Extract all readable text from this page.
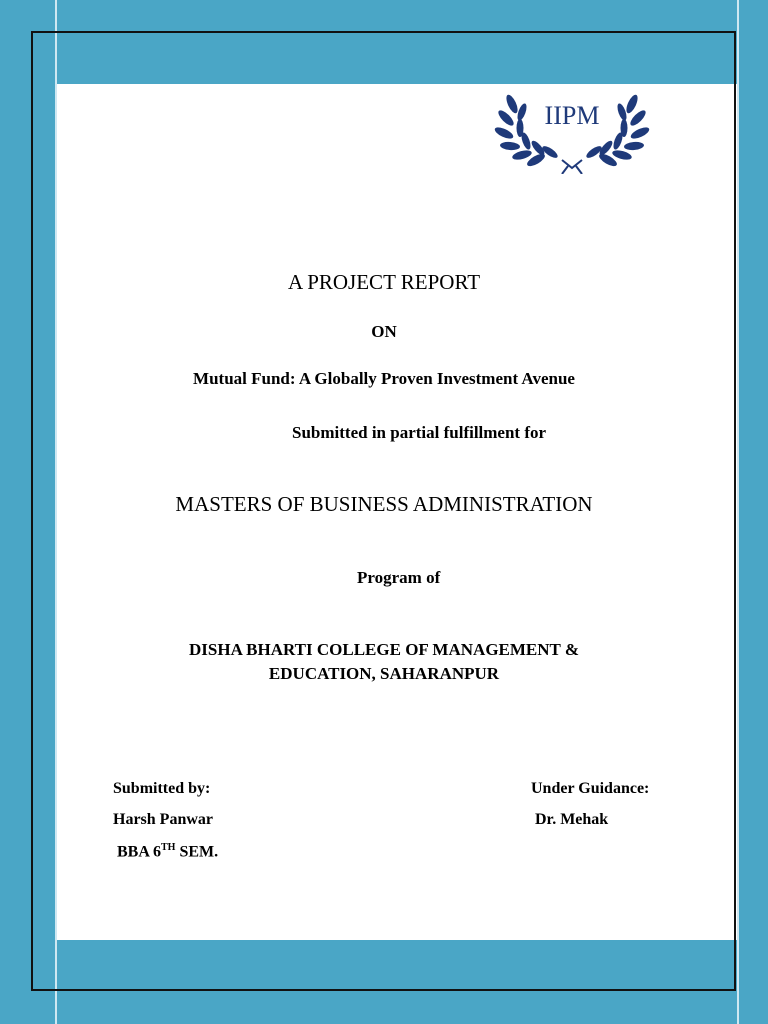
IIPM
A PROJECT REPORT
ON
Mutual Fund: A Globally Proven Investment Avenue
Submitted in partial fulfillment for
MASTERS OF BUSINESS ADMINISTRATION
Program of
DISHA BHARTI COLLEGE OF MANAGEMENT &
EDUCATION, SAHARANPUR
Submitted by:
Harsh Panwar
BBA 6TH SEM.
Under Guidance:
Dr. Mehak
